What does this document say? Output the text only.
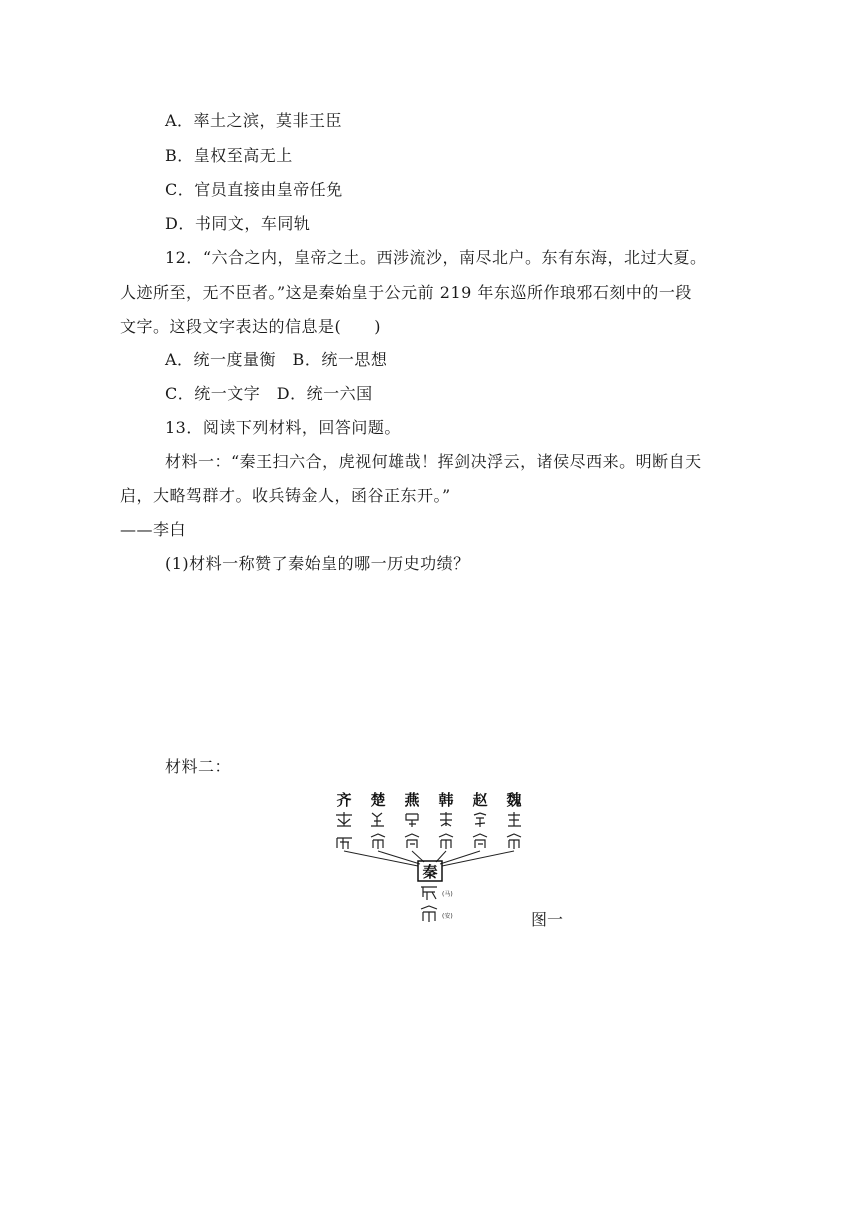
A．率土之滨，莫非王臣
B．皇权至高无上
C．官员直接由皇帝任免
D．书同文，车同轨
12．“六合之内，皇帝之土。西涉流沙，南尽北户。东有东海，北过大夏。
人迹所至，无不臣者。”这是秦始皇于公元前 219 年东巡所作琅邪石刻中的一段
文字。这段文字表达的信息是(　　)
A．统一度量衡　B．统一思想
C．统一文字　D．统一六国
13．阅读下列材料，回答问题。
材料一：“秦王扫六合，虎视何雄哉！挥剑决浮云，诸侯尽西来。明断自天
启，大略驾群才。收兵铸金人，函谷正东开。”
——李白
(1)材料一称赞了秦始皇的哪一历史功绩？
材料二：
齐 楚 燕 韩 赵 魏
秦
(马)
(安)	图一
